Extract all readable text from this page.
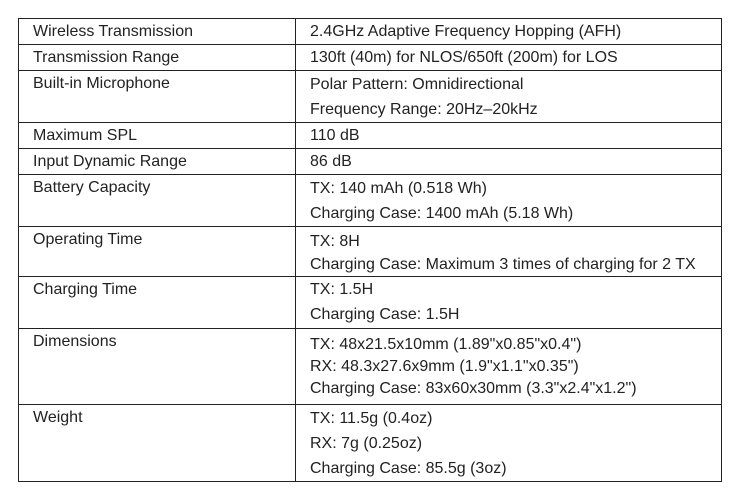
Wireless Transmission	2.4GHz Adaptive Frequency Hopping (AFH)

Transmission Range	130ft (40m) for NLOS/650ft (200m) for LOS

Built-in Microphone	Polar Pattern: Omnidirectional
Frequency Range: 20Hz–20kHz

Maximum SPL	110 dB

Input Dynamic Range	86 dB

Battery Capacity	TX: 140 mAh (0.518 Wh)
Charging Case: 1400 mAh (5.18 Wh)

Operating Time	TX: 8H
Charging Case: Maximum 3 times of charging for 2 TX

Charging Time	TX: 1.5H
Charging Case: 1.5H

Dimensions	TX: 48x21.5x10mm (1.89"x0.85"x0.4")
RX: 48.3x27.6x9mm (1.9"x1.1"x0.35")
Charging Case: 83x60x30mm (3.3"x2.4"x1.2")

Weight	TX: 11.5g (0.4oz)
RX: 7g (0.25oz)
Charging Case: 85.5g (3oz)
